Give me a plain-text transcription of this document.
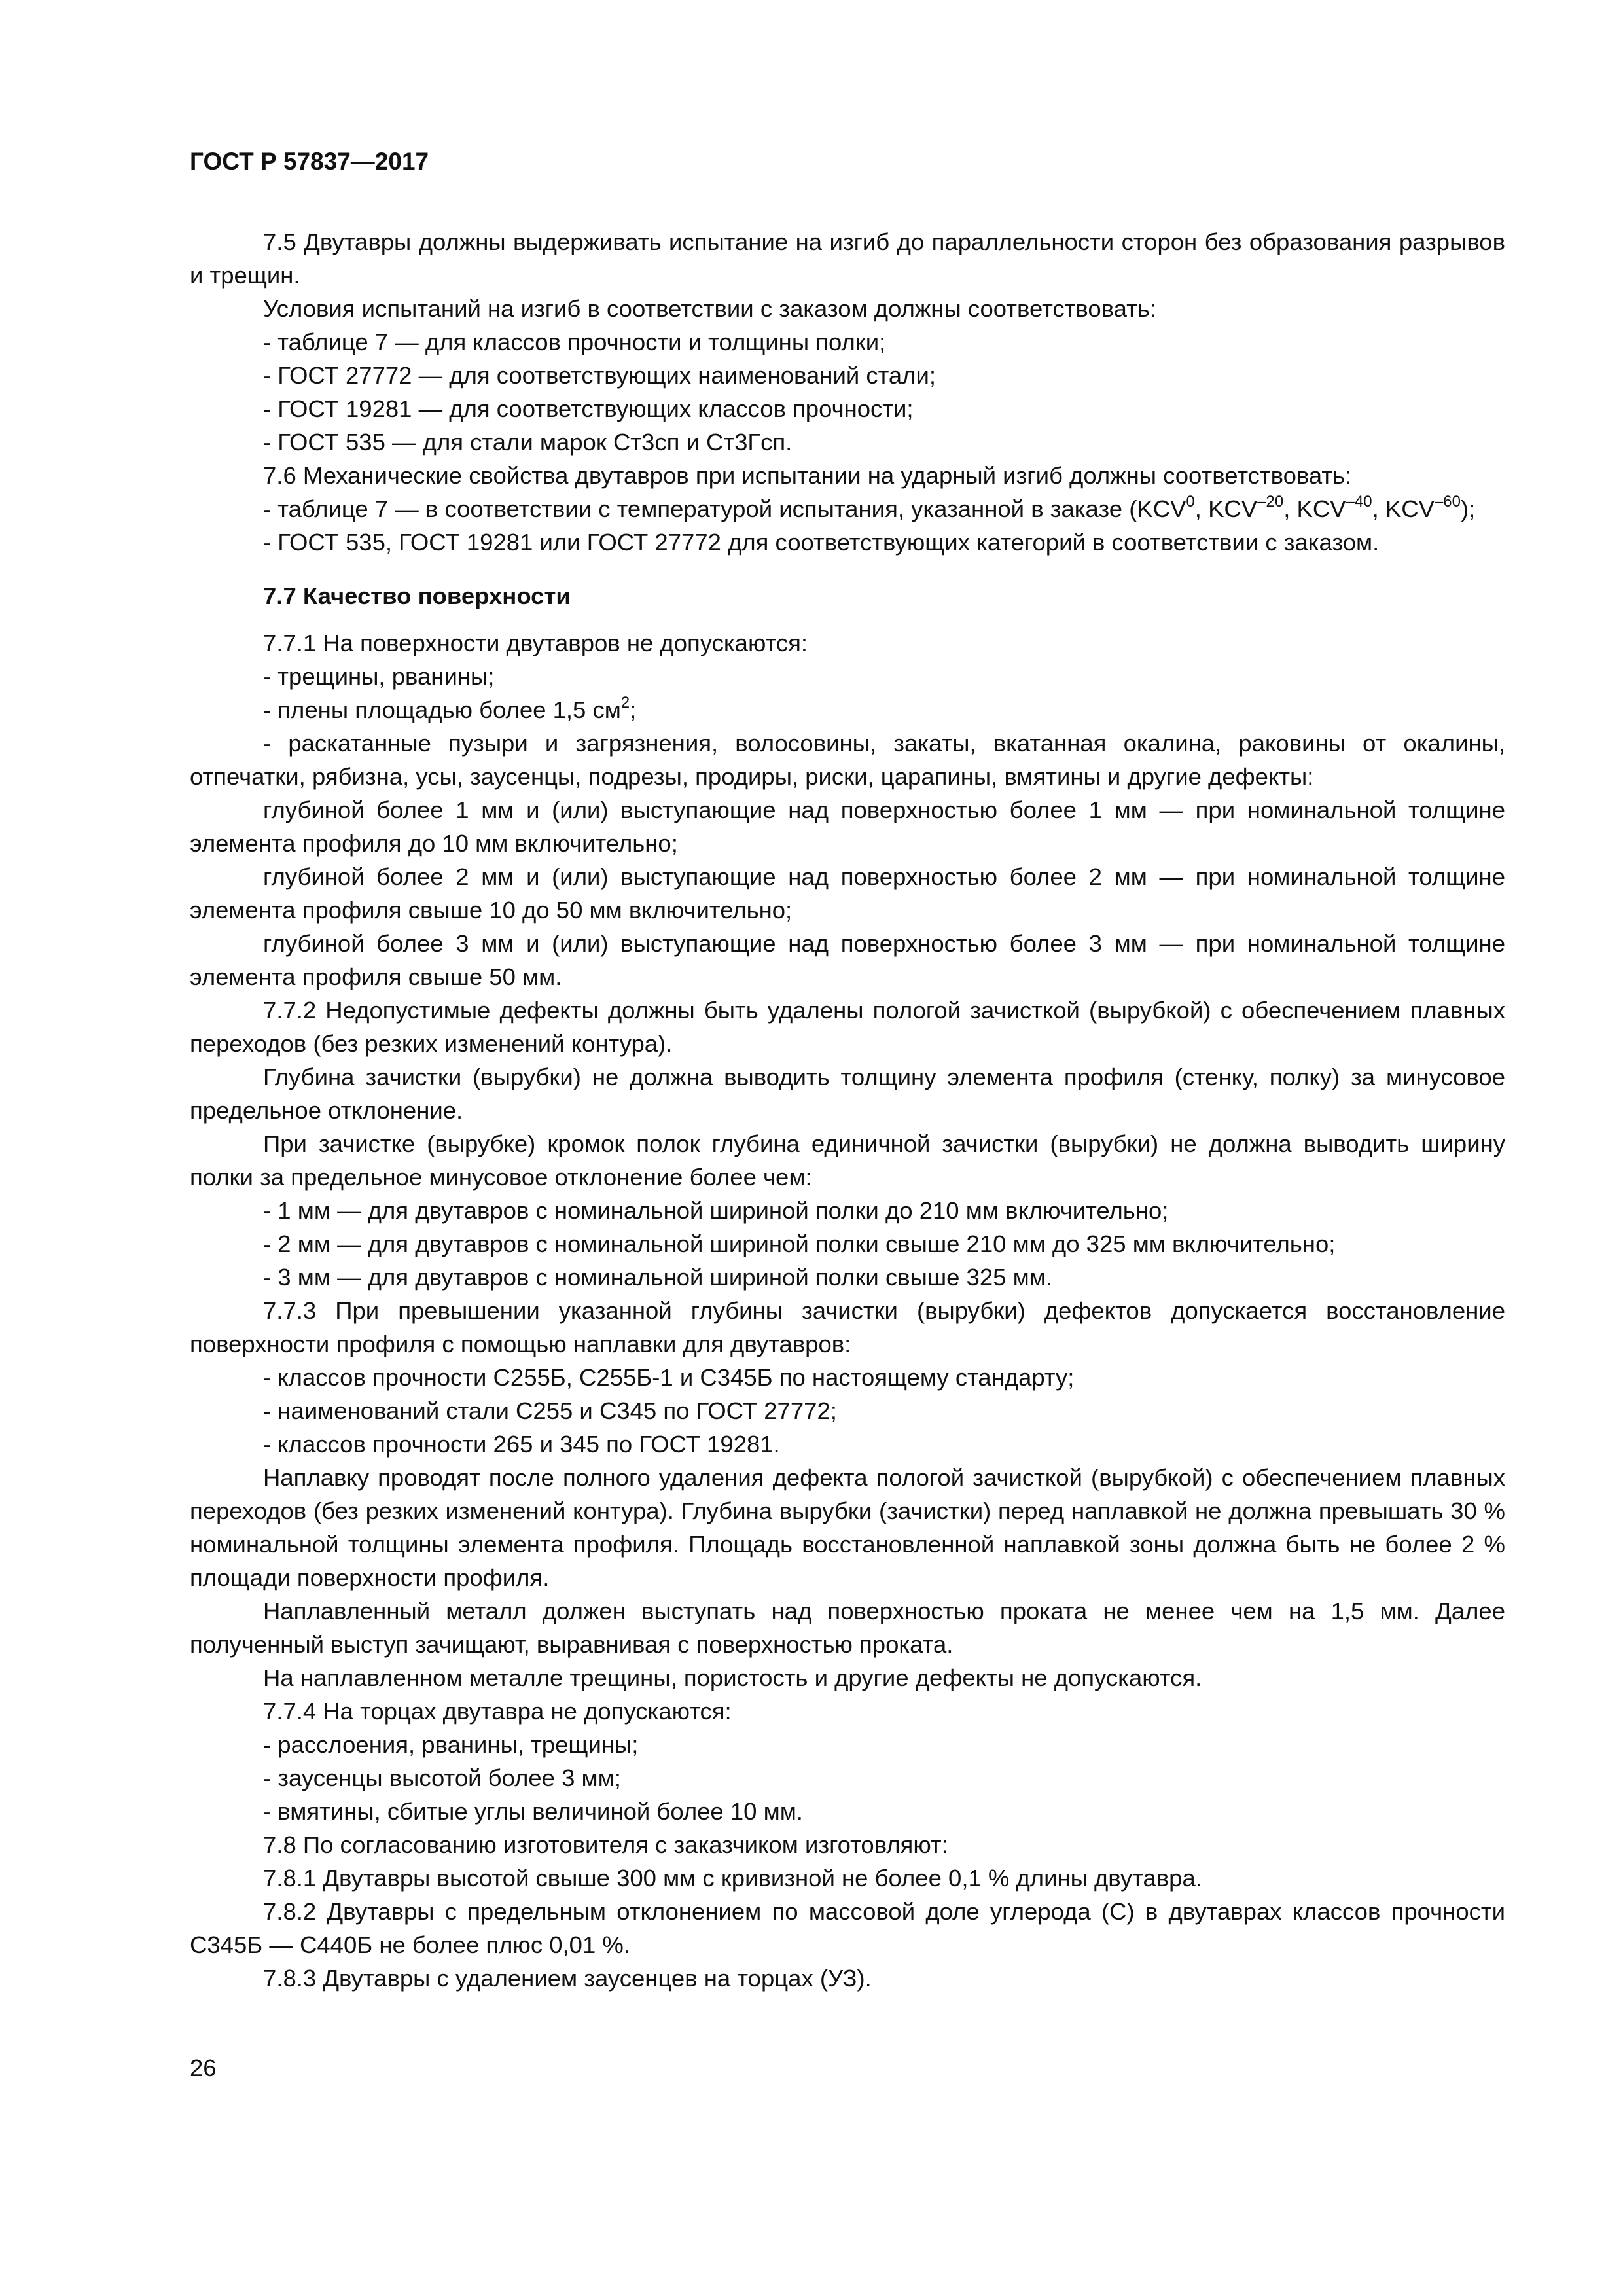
ГОСТ Р 57837—2017

7.5 Двутавры должны выдерживать испытание на изгиб до параллельности сторон без образования разрывов и трещин.

Условия испытаний на изгиб в соответствии с заказом должны соответствовать:

- таблице 7 — для классов прочности и толщины полки;

- ГОСТ 27772 — для соответствующих наименований стали;

- ГОСТ 19281 — для соответствующих классов прочности;

- ГОСТ 535 — для стали марок Ст3сп и Ст3Гсп.

7.6 Механические свойства двутавров при испытании на ударный изгиб должны соответствовать:

- таблице 7 — в соответствии с температурой испытания, указанной в заказе (KCV$^0$, $KCV^{-20}$, $KCV^{-40}$, $KCV^{-60}$);

- ГОСТ 535, ГОСТ 19281 или ГОСТ 27772 для соответствующих категорий в соответствии с заказом.

7.7 Качество поверхности

7.7.1 На поверхности двутавров не допускаются:

- трещины, рванины;

- плены площадью более 1,5 $см^2$;

- раскатанные пузыри и загрязнения, волосовины, закаты, вкатанная окалина, раковины от окалины, отпечатки, рябизна, усы, заусенцы, подрезы, продиры, риски, царапины, вмятины и другие дефекты:

глубиной более 1 мм и (или) выступающие над поверхностью более 1 мм — при номинальной толщине элемента профиля до 10 мм включительно;

глубиной более 2 мм и (или) выступающие над поверхностью более 2 мм — при номинальной толщине элемента профиля свыше 10 до 50 мм включительно;

глубиной более 3 мм и (или) выступающие над поверхностью более 3 мм — при номинальной толщине элемента профиля свыше 50 мм.

7.7.2 Недопустимые дефекты должны быть удалены пологой зачисткой (вырубкой) с обеспечением плавных переходов (без резких изменений контура).

Глубина зачистки (вырубки) не должна выводить толщину элемента профиля (стенку, полку) за минусовое предельное отклонение.

При зачистке (вырубке) кромок полок глубина единичной зачистки (вырубки) не должна выводить ширину полки за предельное минусовое отклонение более чем:

- 1 мм — для двутавров с номинальной шириной полки до 210 мм включительно;

- 2 мм — для двутавров с номинальной шириной полки свыше 210 мм до 325 мм включительно;

- 3 мм — для двутавров с номинальной шириной полки свыше 325 мм.

7.7.3 При превышении указанной глубины зачистки (вырубки) дефектов допускается восстановление поверхности профиля с помощью наплавки для двутавров:

- классов прочности С255Б, С255Б-1 и С345Б по настоящему стандарту;

- наименований стали С255 и С345 по ГОСТ 27772;

- классов прочности 265 и 345 по ГОСТ 19281.

Наплавку проводят после полного удаления дефекта пологой зачисткой (вырубкой) с обеспечением плавных переходов (без резких изменений контура). Глубина вырубки (зачистки) перед наплавкой не должна превышать 30 % номинальной толщины элемента профиля. Площадь восстановленной наплавкой зоны должна быть не более 2 % площади поверхности профиля.

Наплавленный металл должен выступать над поверхностью проката не менее чем на 1,5 мм. Далее полученный выступ зачищают, выравнивая с поверхностью проката.

На наплавленном металле трещины, пористость и другие дефекты не допускаются.

7.7.4 На торцах двутавра не допускаются:

- расслоения, рванины, трещины;

- заусенцы высотой более 3 мм;

- вмятины, сбитые углы величиной более 10 мм.

7.8 По согласованию изготовителя с заказчиком изготовляют:

7.8.1 Двутавры высотой свыше 300 мм с кривизной не более 0,1 % длины двутавра.

7.8.2 Двутавры с предельным отклонением по массовой доле углерода (С) в двутаврах классов прочности С345Б — С440Б не более плюс 0,01 %.

7.8.3 Двутавры с удалением заусенцев на торцах (УЗ).

26
